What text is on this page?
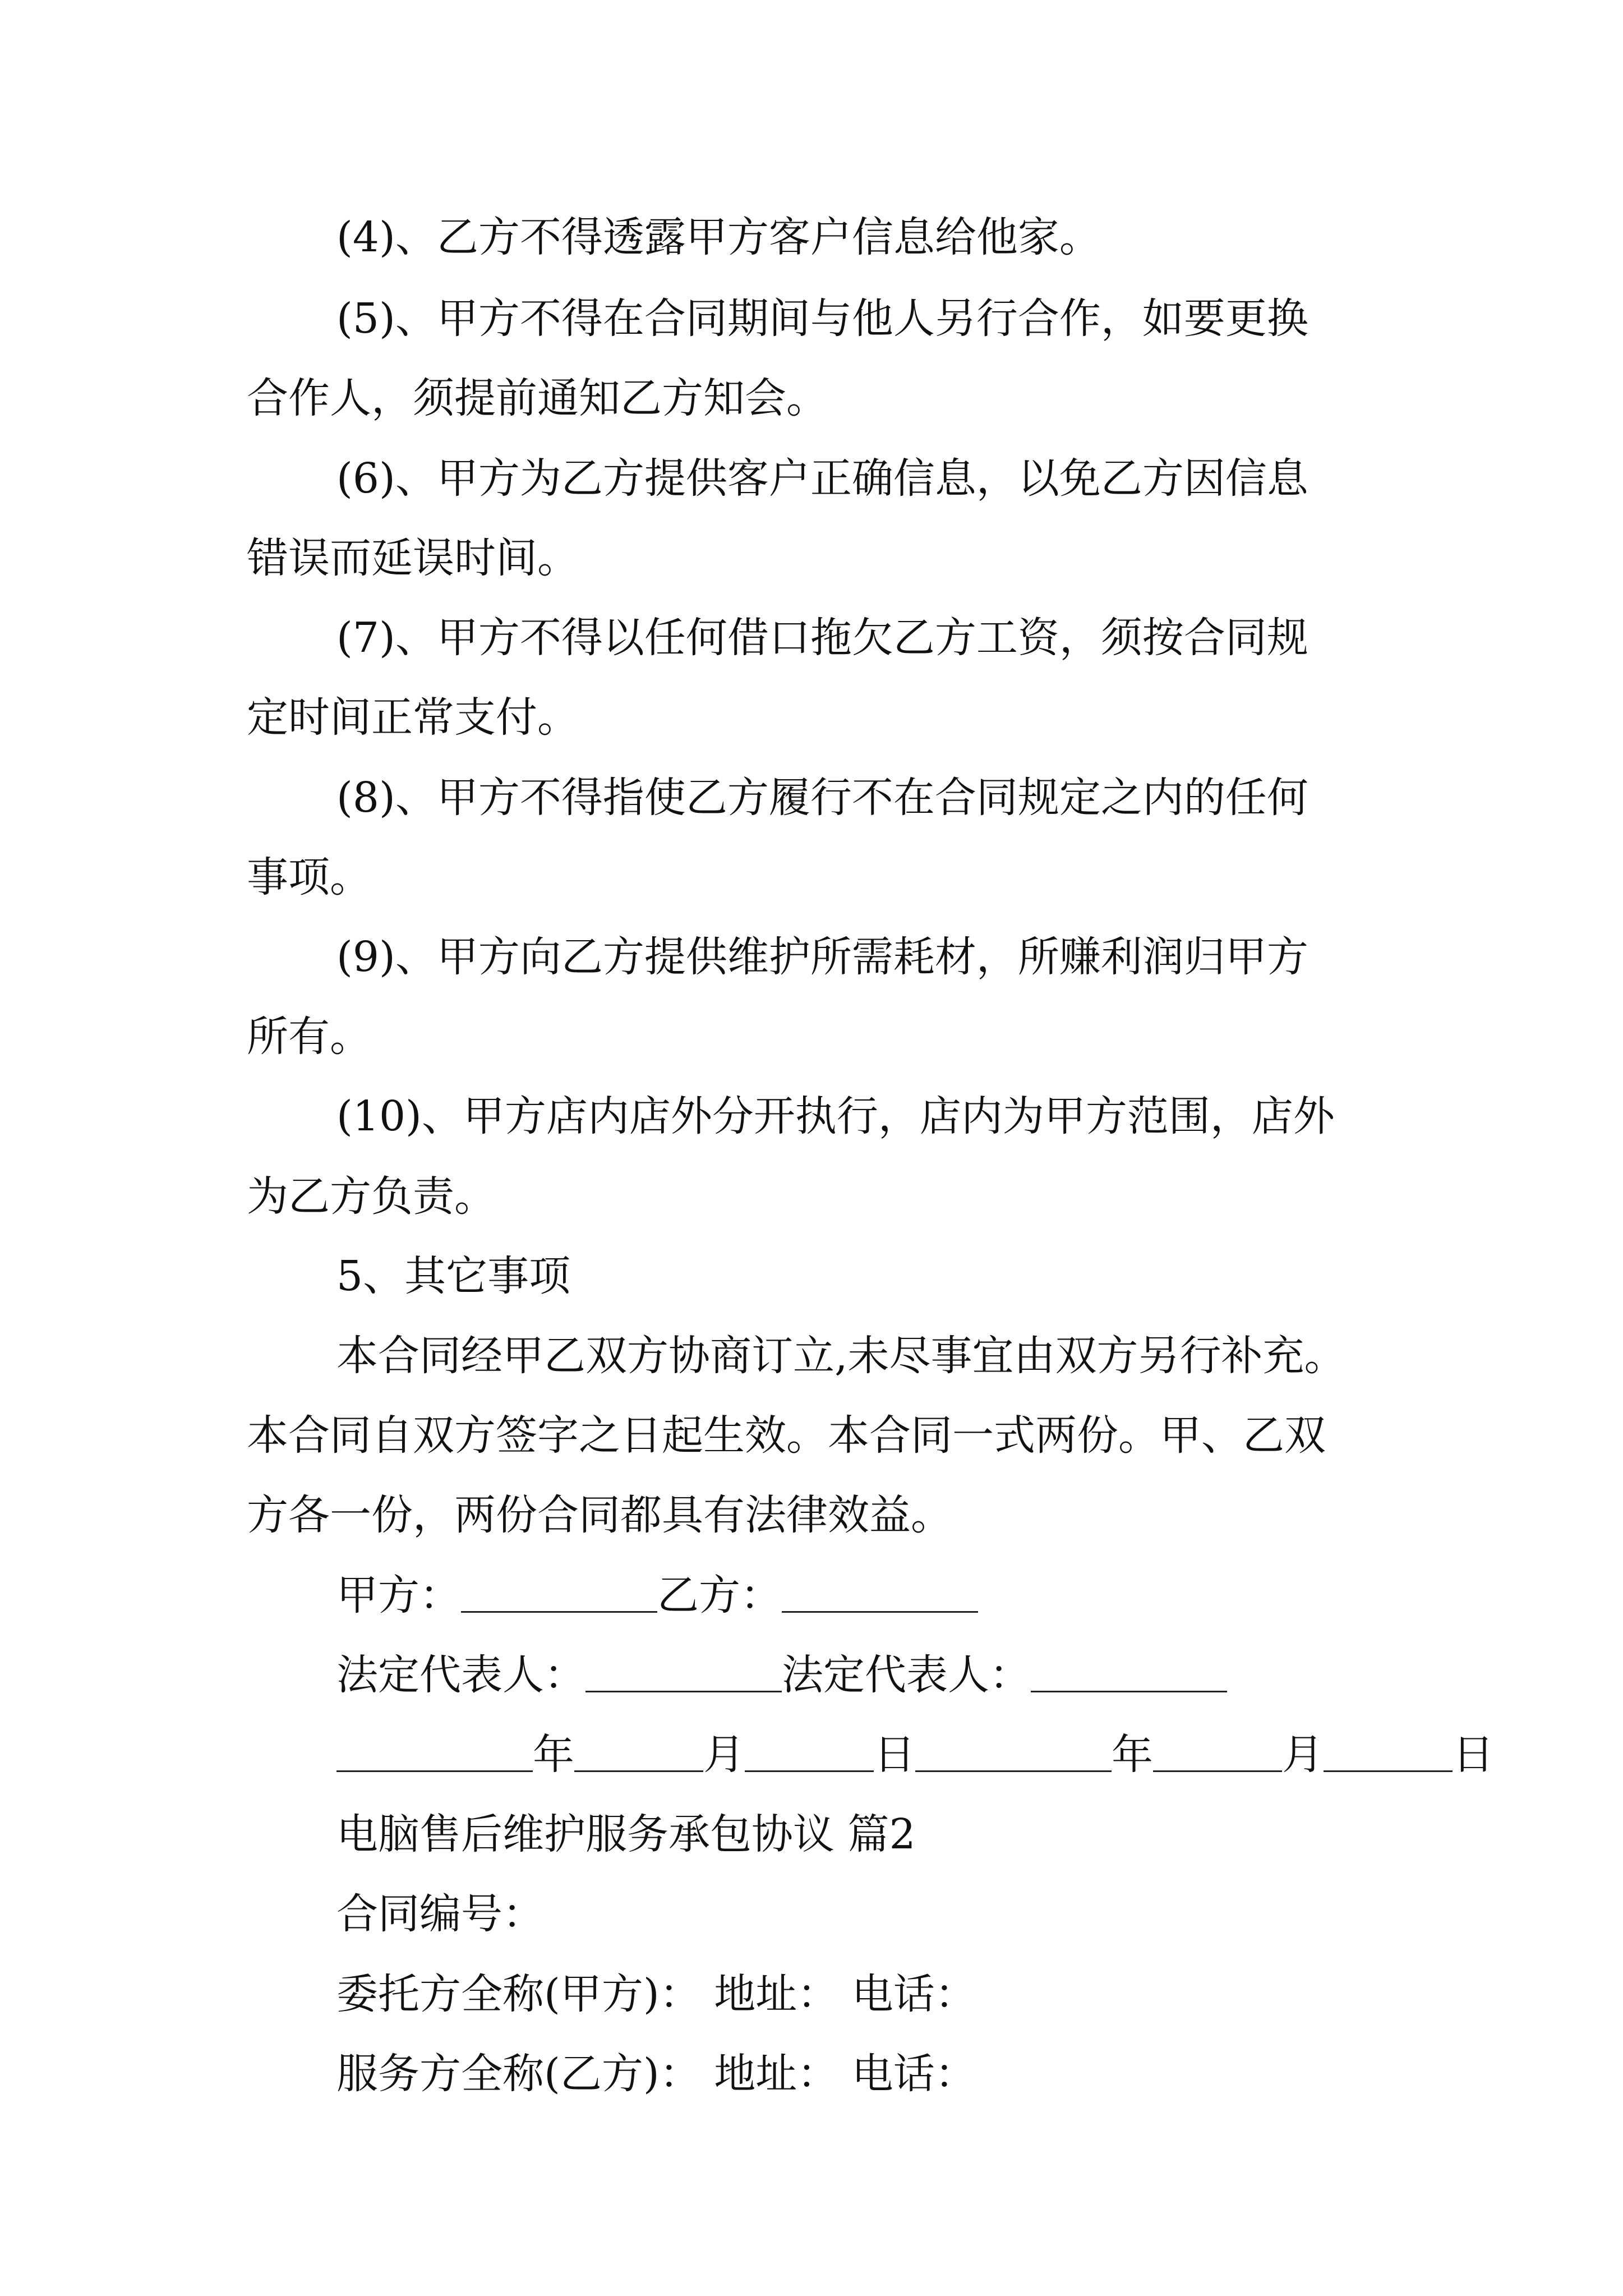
(4)、乙方不得透露甲方客户信息给他家。
(5)、甲方不得在合同期间与他人另行合作，如要更换
合作人，须提前通知乙方知会。
(6)、甲方为乙方提供客户正确信息，以免乙方因信息
错误而延误时间。
(7)、甲方不得以任何借口拖欠乙方工资，须按合同规
定时间正常支付。
(8)、甲方不得指使乙方履行不在合同规定之内的任何
事项。
(9)、甲方向乙方提供维护所需耗材，所赚利润归甲方
所有。
(10)、甲方店内店外分开执行，店内为甲方范围，店外
为乙方负责。
5、其它事项
本合同经甲乙双方协商订立,未尽事宜由双方另行补充。
本合同自双方签字之日起生效。本合同一式两份。甲、乙双
方各一份，两份合同都具有法律效益。
甲方：	乙方：
法定代表人：	法定代表人：
年	月	日	年	月	日
电脑售后维护服务承包协议 篇2
合同编号：
委托方全称(甲方)： 地址： 电话：
服务方全称(乙方)： 地址： 电话：
